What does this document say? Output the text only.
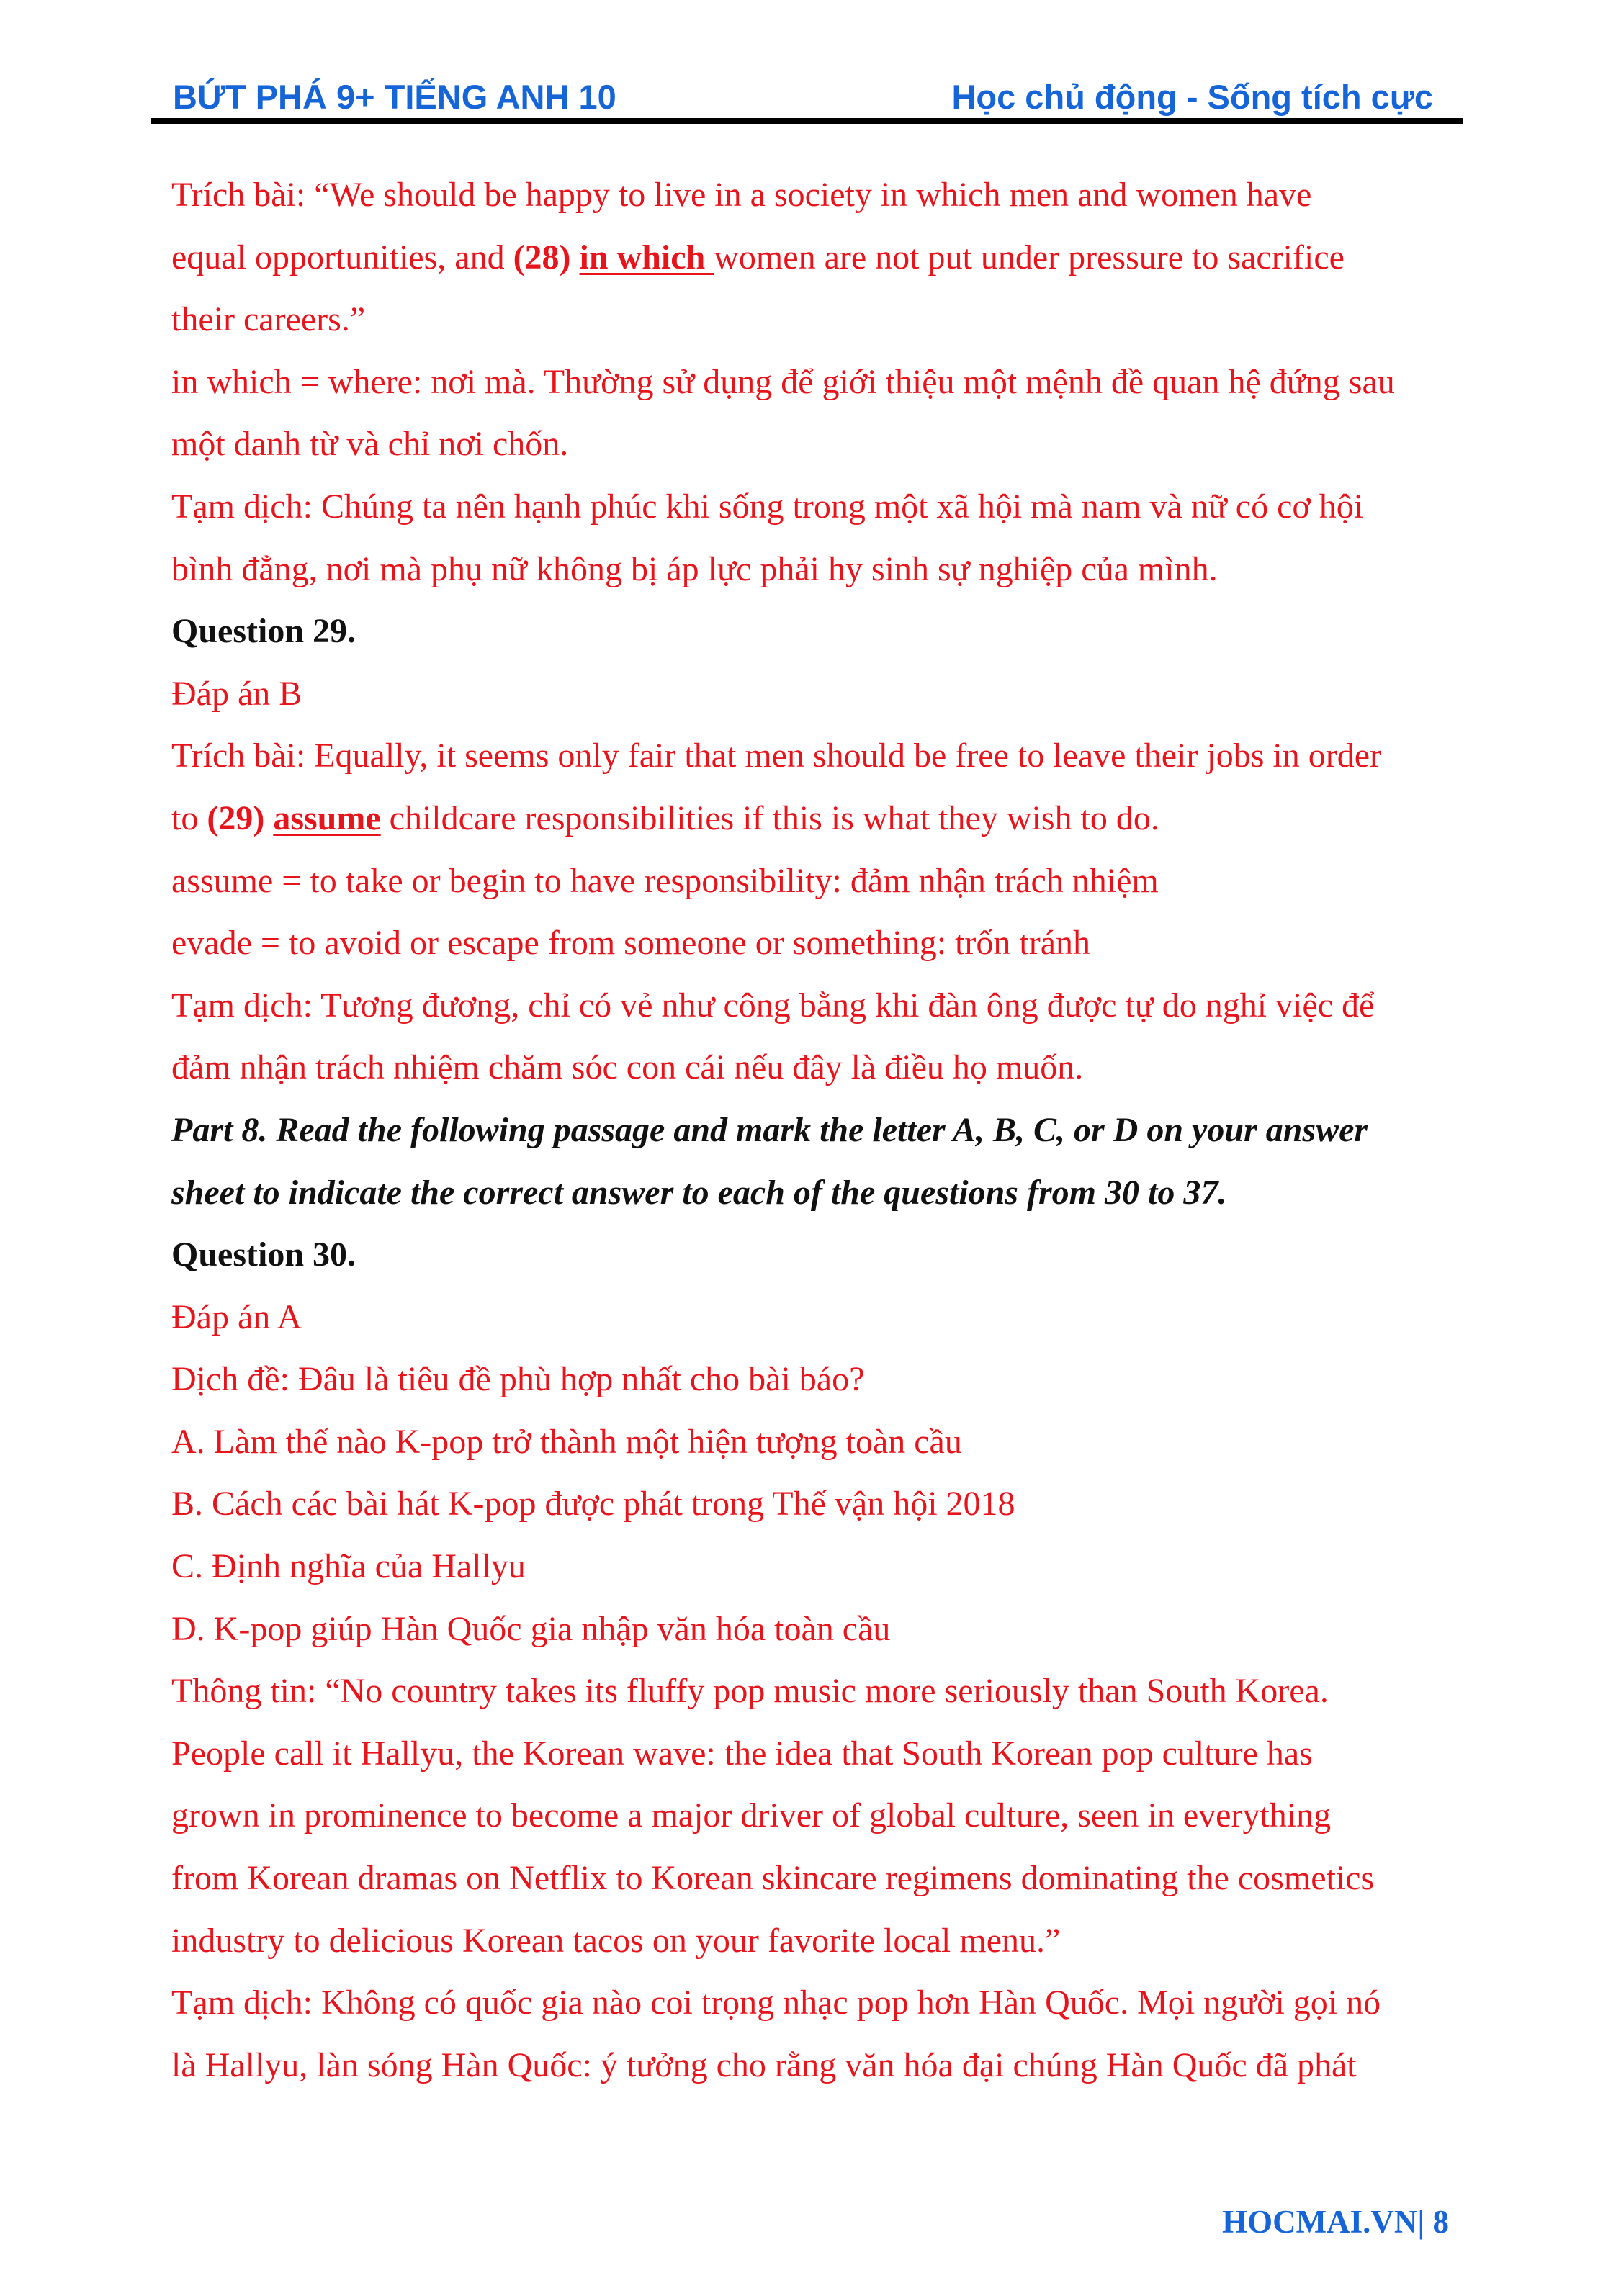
BỨT PHÁ 9+ TIẾNG ANH 10	Học chủ động - Sống tích cực
Trích bài: “We should be happy to live in a society in which men and women have
equal opportunities, and (28) in which women are not put under pressure to sacrifice
their careers.”
in which = where: nơi mà. Thường sử dụng để giới thiệu một mệnh đề quan hệ đứng sau
một danh từ và chỉ nơi chốn.
Tạm dịch: Chúng ta nên hạnh phúc khi sống trong một xã hội mà nam và nữ có cơ hội
bình đẳng, nơi mà phụ nữ không bị áp lực phải hy sinh sự nghiệp của mình.
Question 29.
Đáp án B
Trích bài: Equally, it seems only fair that men should be free to leave their jobs in order
to (29) assume childcare responsibilities if this is what they wish to do.
assume = to take or begin to have responsibility: đảm nhận trách nhiệm
evade = to avoid or escape from someone or something: trốn tránh
Tạm dịch: Tương đương, chỉ có vẻ như công bằng khi đàn ông được tự do nghỉ việc để
đảm nhận trách nhiệm chăm sóc con cái nếu đây là điều họ muốn.
Part 8. Read the following passage and mark the letter A, B, C, or D on your answer
sheet to indicate the correct answer to each of the questions from 30 to 37.
Question 30.
Đáp án A
Dịch đề: Đâu là tiêu đề phù hợp nhất cho bài báo?
A. Làm thế nào K-pop trở thành một hiện tượng toàn cầu
B. Cách các bài hát K-pop được phát trong Thế vận hội 2018
C. Định nghĩa của Hallyu
D. K-pop giúp Hàn Quốc gia nhập văn hóa toàn cầu
Thông tin: “No country takes its fluffy pop music more seriously than South Korea.
People call it Hallyu, the Korean wave: the idea that South Korean pop culture has
grown in prominence to become a major driver of global culture, seen in everything
from Korean dramas on Netflix to Korean skincare regimens dominating the cosmetics
industry to delicious Korean tacos on your favorite local menu.”
Tạm dịch: Không có quốc gia nào coi trọng nhạc pop hơn Hàn Quốc. Mọi người gọi nó
là Hallyu, làn sóng Hàn Quốc: ý tưởng cho rằng văn hóa đại chúng Hàn Quốc đã phát
HOCMAI.VN| 8
